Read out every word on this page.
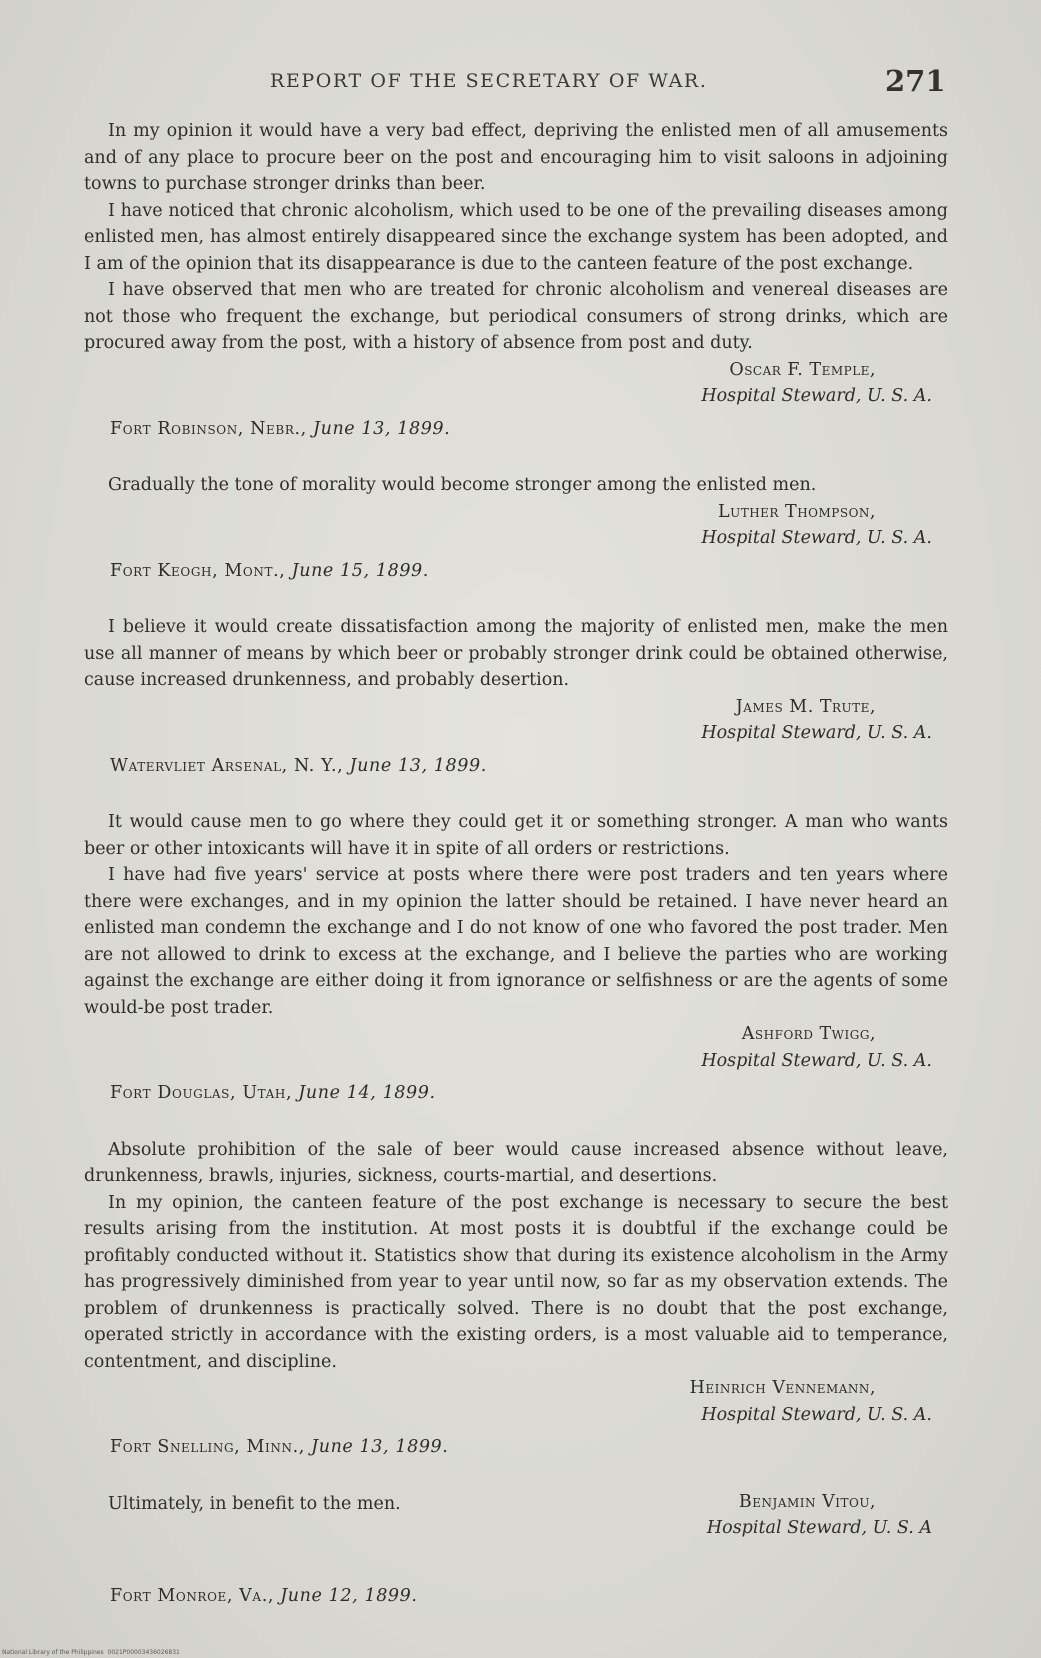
REPORT OF THE SECRETARY OF WAR.	271

In my opinion it would have a very bad effect, depriving the enlisted men of all amusements and of any place to procure beer on the post and encouraging him to visit saloons in adjoining towns to purchase stronger drinks than beer.

I have noticed that chronic alcoholism, which used to be one of the prevailing diseases among enlisted men, has almost entirely disappeared since the exchange system has been adopted, and I am of the opinion that its disappearance is due to the canteen feature of the post exchange.

I have observed that men who are treated for chronic alcoholism and venereal diseases are not those who frequent the exchange, but periodical consumers of strong drinks, which are procured away from the post, with a history of absence from post and duty.

Oscar F. Temple,
Hospital Steward, U. S. A.
Fort Robinson, Nebr., June 13, 1899.

Gradually the tone of morality would become stronger among the enlisted men.

Luther Thompson,
Hospital Steward, U. S. A.
Fort Keogh, Mont., June 15, 1899.

I believe it would create dissatisfaction among the majority of enlisted men, make the men use all manner of means by which beer or probably stronger drink could be obtained otherwise, cause increased drunkenness, and probably desertion.

James M. Trute,
Hospital Steward, U. S. A.
Watervliet Arsenal, N. Y., June 13, 1899.

It would cause men to go where they could get it or something stronger. A man who wants beer or other intoxicants will have it in spite of all orders or restrictions.

I have had five years' service at posts where there were post traders and ten years where there were exchanges, and in my opinion the latter should be retained. I have never heard an enlisted man condemn the exchange and I do not know of one who favored the post trader. Men are not allowed to drink to excess at the exchange, and I believe the parties who are working against the exchange are either doing it from ignorance or selfishness or are the agents of some would-be post trader.

Ashford Twigg,
Hospital Steward, U. S. A.
Fort Douglas, Utah, June 14, 1899.

Absolute prohibition of the sale of beer would cause increased absence without leave, drunkenness, brawls, injuries, sickness, courts-martial, and desertions.

In my opinion, the canteen feature of the post exchange is necessary to secure the best results arising from the institution. At most posts it is doubtful if the exchange could be profitably conducted without it. Statistics show that during its existence alcoholism in the Army has progressively diminished from year to year until now, so far as my observation extends. The problem of drunkenness is practically solved. There is no doubt that the post exchange, operated strictly in accordance with the existing orders, is a most valuable aid to temperance, contentment, and discipline.

Heinrich Vennemann,
Hospital Steward, U. S. A.
Fort Snelling, Minn., June 13, 1899.

Ultimately, in benefit to the men.	Benjamin Vitou,
Hospital Steward, U. S. A
Fort Monroe, Va., June 12, 1899.
National Library of the Philippines 0021P00003436026831
